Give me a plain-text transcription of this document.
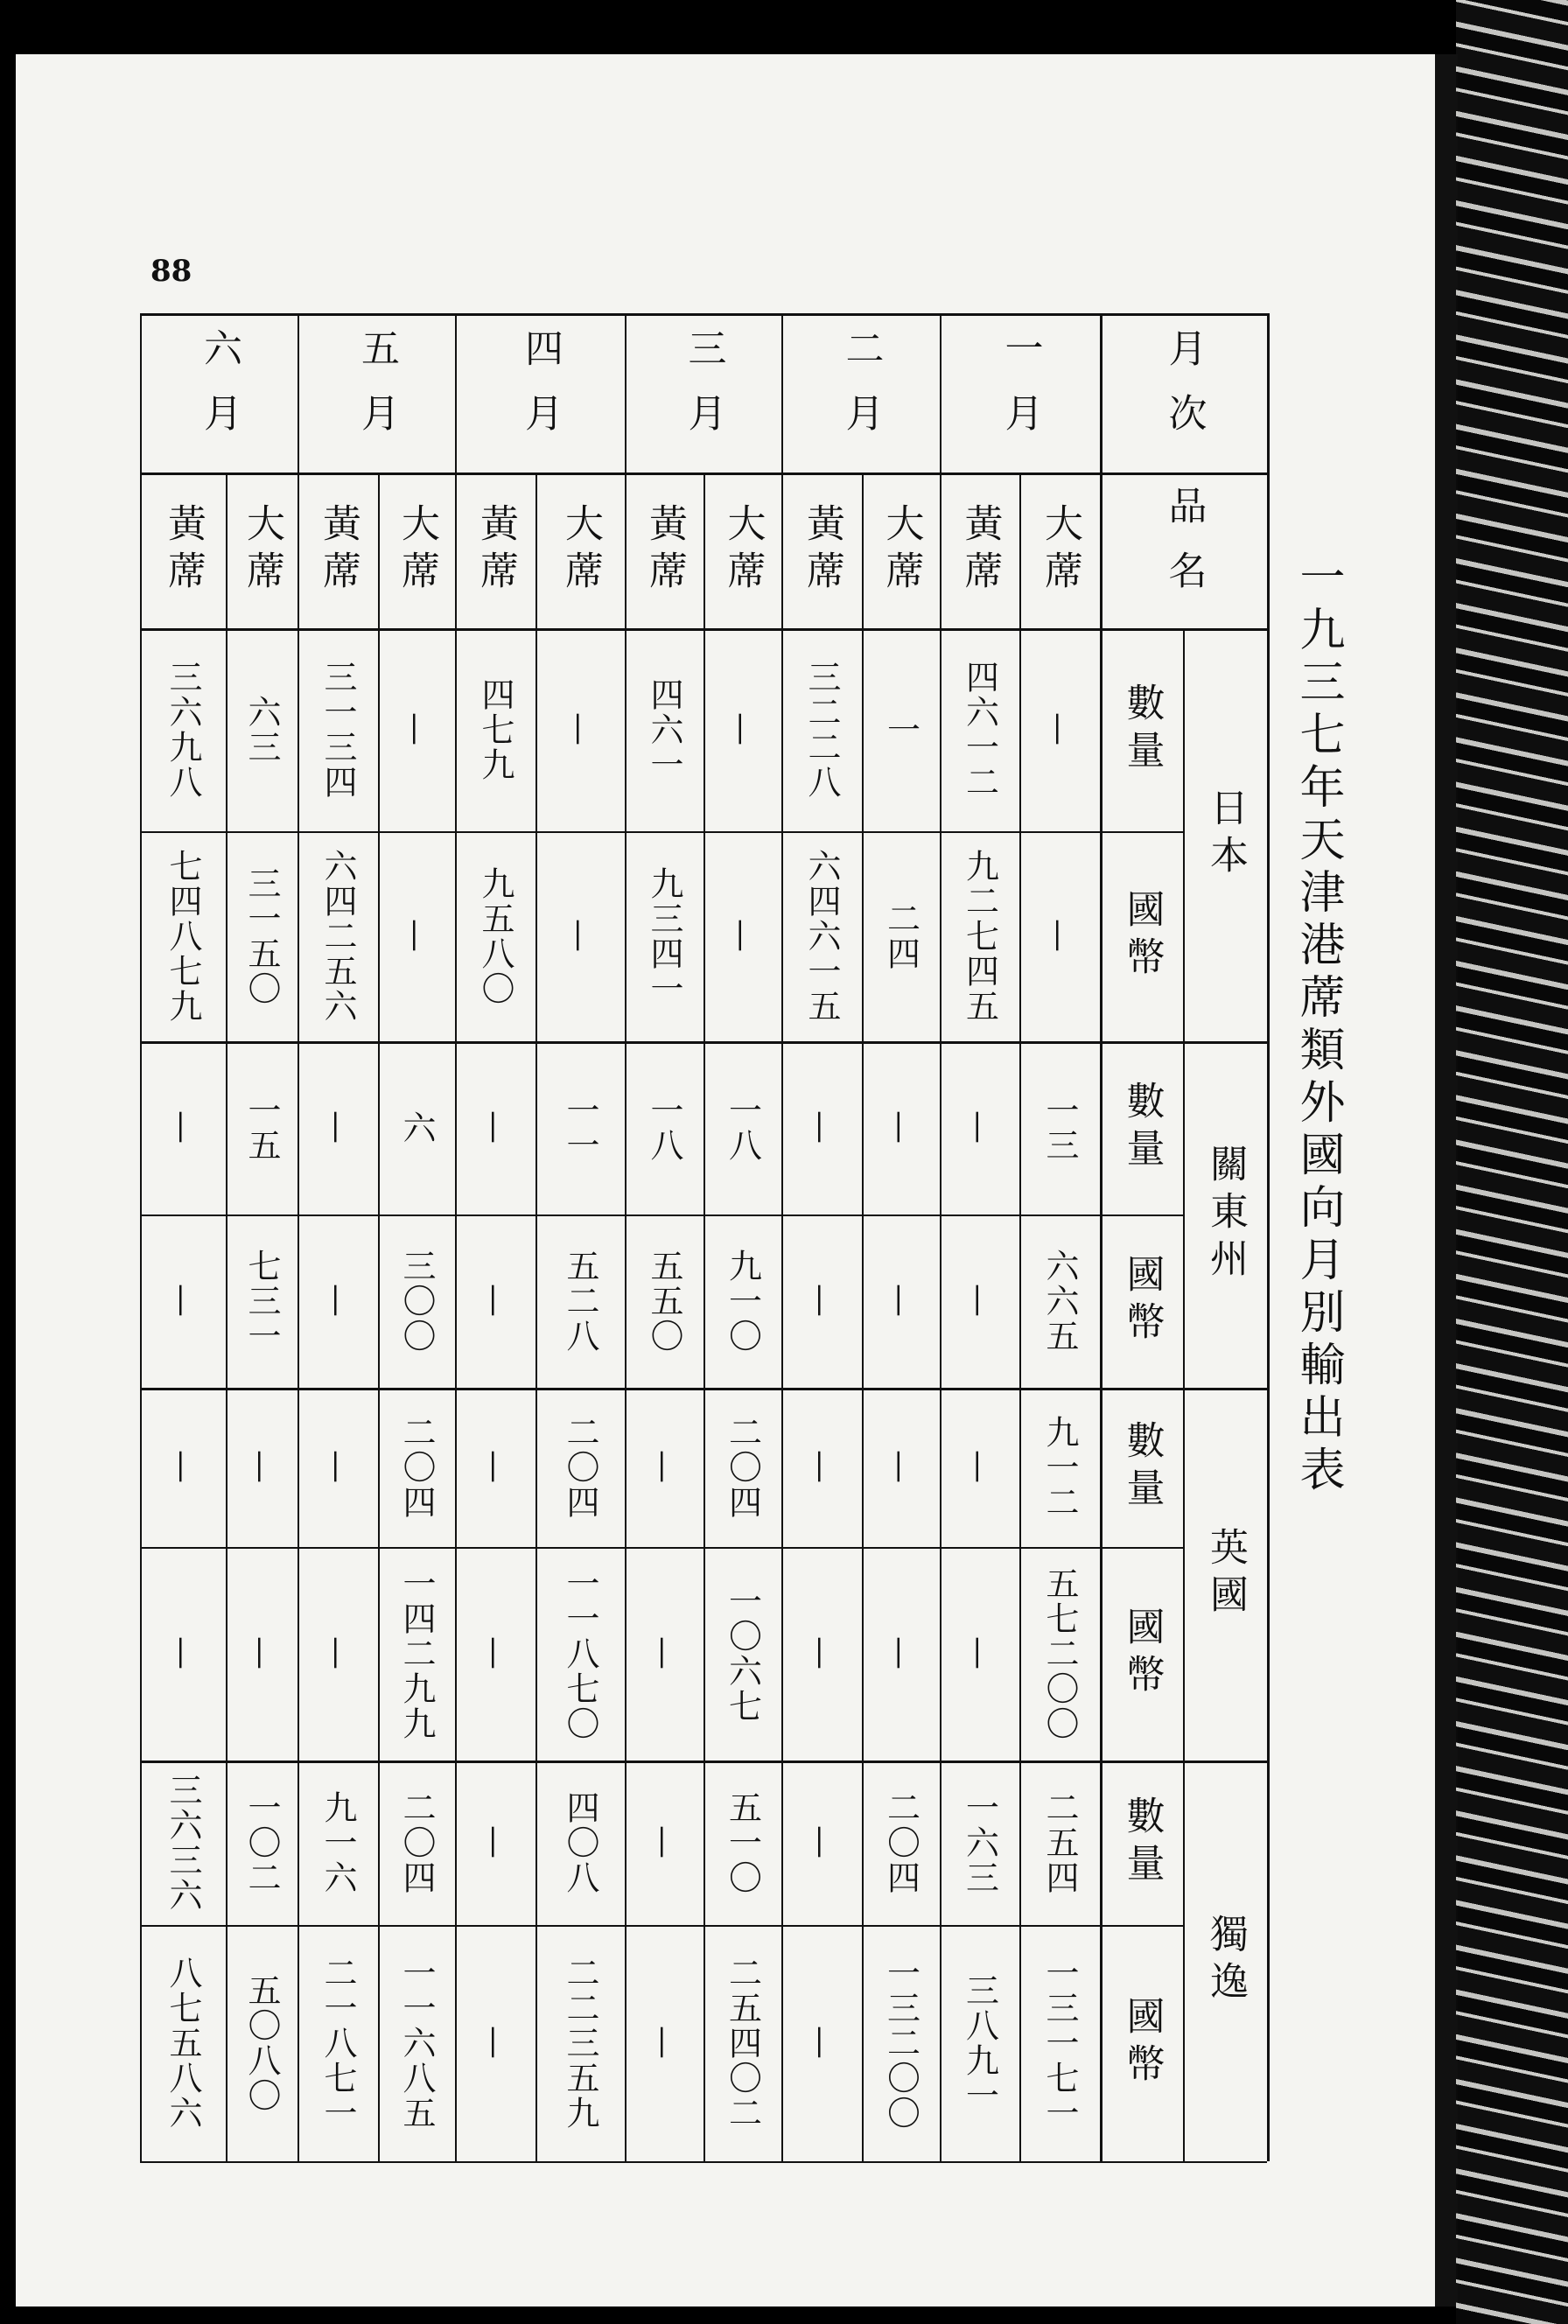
88
一九三七年天津港蓆類外國向月別輸出表
月次
品名
一月
二月
三月
四月
五月
六月
大蓆
黃蓆
大蓆
黃蓆
大蓆
黃蓆
大蓆
黃蓆
大蓆
黃蓆
大蓆
黃蓆
日本
數量
國幣
關東州
數量
國幣
英國
數量
國幣
獨逸
數量
國幣
—
四六一二
一
三二二八
—
四六一
—
四七九
—
三一三四
六三
三六九八
—
九二七四五
二四
六四六一五
—
九三四一
—
九五八〇
—
六四二五六
三一五〇
七四八七九
一三
—
—
—
一八
一八
一一
—
六
—
一五
—
六六五
—
—
—
九一〇
五五〇
五二八
—
三〇〇
—
七三一
—
九一二
—
—
—
二〇四
—
二〇四
—
二〇四
—
—
—
五七二〇〇
—
—
—
一〇六七
—
一一八七〇
—
一四二九九
—
—
—
二五四
一六三
二〇四
—
五一〇
—
四〇八
—
二〇四
九一六
一〇二
三六三六
一三一七一
三八九一
一三二〇〇
—
二五四〇二
—
二二三五九
—
一一六八五
二一八七一
五〇八〇
八七五八六
